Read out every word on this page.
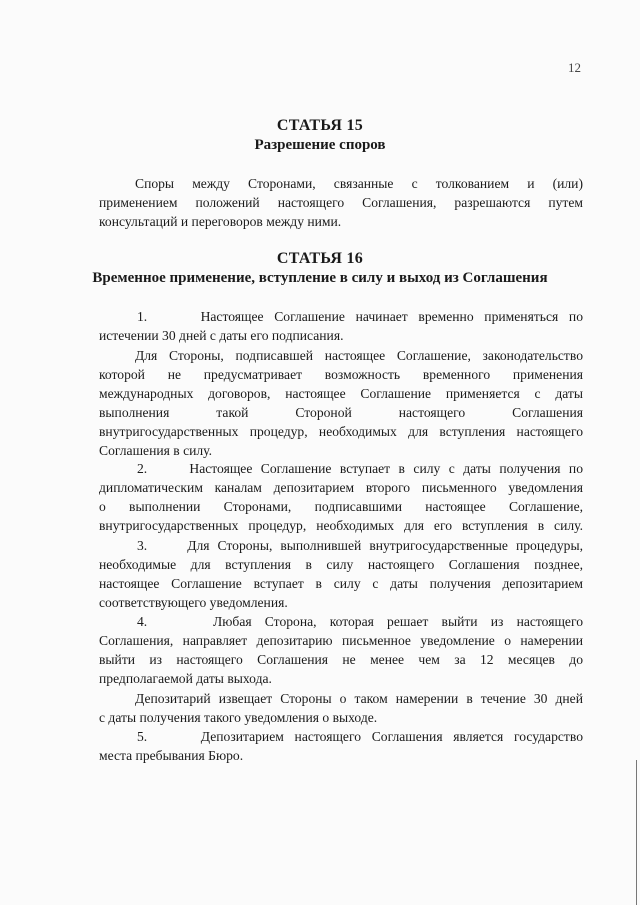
12
СТАТЬЯ 15
Разрешение споров
Споры между Сторонами, связанные с толкованием и (или)
применением положений настоящего Соглашения, разрешаются путем
консультаций и переговоров между ними.
СТАТЬЯ 16
Временное применение, вступление в силу и выход из Соглашения
1.     Настоящее Соглашение начинает временно применяться по
истечении 30 дней с даты его подписания.
Для Стороны, подписавшей настоящее Соглашение, законодательство
которой не предусматривает возможность временного применения
международных договоров, настоящее Соглашение применяется с даты
выполнения такой Стороной настоящего Соглашения
внутригосударственных процедур, необходимых для вступления настоящего
Соглашения в силу.
2.     Настоящее Соглашение вступает в силу с даты получения по
дипломатическим каналам депозитарием второго письменного уведомления
о выполнении Сторонами, подписавшими настоящее Соглашение,
внутригосударственных процедур, необходимых для его вступления в силу.
3.     Для Стороны, выполнившей внутригосударственные процедуры,
необходимые для вступления в силу настоящего Соглашения позднее,
настоящее Соглашение вступает в силу с даты получения депозитарием
соответствующего уведомления.
4.     Любая Сторона, которая решает выйти из настоящего
Соглашения, направляет депозитарию письменное уведомление о намерении
выйти из настоящего Соглашения не менее чем за 12 месяцев до
предполагаемой даты выхода.
Депозитарий извещает Стороны о таком намерении в течение 30 дней
с даты получения такого уведомления о выходе.
5.     Депозитарием настоящего Соглашения является государство
места пребывания Бюро.
